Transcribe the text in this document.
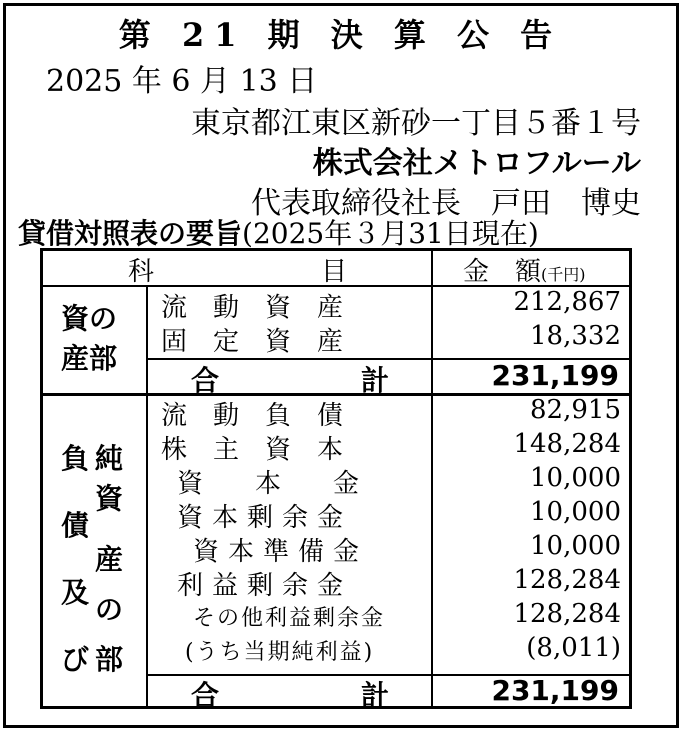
第 21 期 決 算 公 告
2025 年 6 月 13 日
東京都江東区新砂一丁目５番１号
株式会社メトロフルール
代表取締役社長　戸田　博史
貸借対照表の要旨(2025年３月31日現在)
科	目	金　額(千円)
資の
産部
流　動　資　産	212,867
固　定　資　産	18,332
合	計	231,199
負
債
及
び
純
資
産
の
部
流　動　負　債	82,915
株　主　資　本	148,284
資　　本　　金	10,000
資本剰余金	10,000
資本準備金	10,000
利益剰余金	128,284
その他利益剰余金	128,284
(うち当期純利益)	(8,011)
合	計	231,199
